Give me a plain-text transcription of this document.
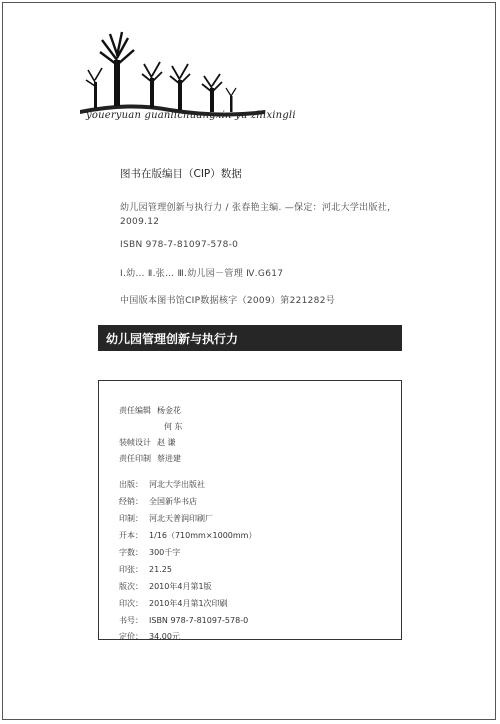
youeryuan guanlichuangxin yu zhixingli
图书在版编目（CIP）数据
幼儿园管理创新与执行力 / 张春艳主编. —保定：河北大学出版社，
2009.12
ISBN 978-7-81097-578-0
Ⅰ.幼… Ⅱ.张… Ⅲ.幼儿园－管理 Ⅳ.G617
中国版本图书馆CIP数据核字（2009）第221282号
幼儿园管理创新与执行力
责任编辑 杨金花
何 东
装帧设计 赵 谦
责任印制 蔡进建
出版： 河北大学出版社
经销： 全国新华书店
印制： 河北天普润印刷厂
开本： 1/16（710mm×1000mm）
字数： 300千字
印张： 21.25
版次： 2010年4月第1版
印次： 2010年4月第1次印刷
书号： ISBN 978-7-81097-578-0
定价： 34.00元
